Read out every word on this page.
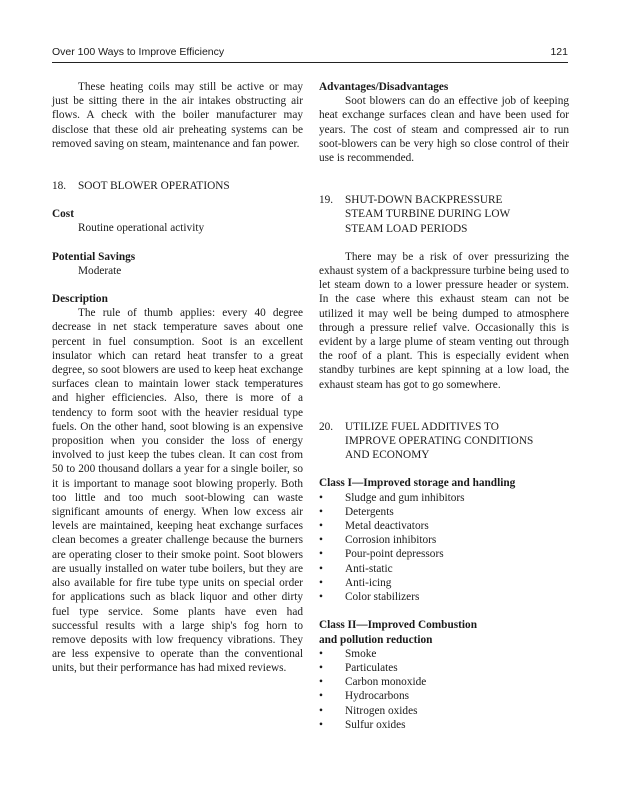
Over 100 Ways to Improve Efficiency	121

These heating coils may still be active or may just be sitting there in the air intakes obstructing air flows. A check with the boiler manufacturer may disclose that these old air preheating systems can be removed saving on steam, maintenance and fan power.

18.	SOOT BLOWER OPERATIONS

Cost

Routine operational activity

Potential Savings

Moderate

Description

The rule of thumb applies: every 40 degree decrease in net stack temperature saves about one percent in fuel consumption. Soot is an excellent insulator which can retard heat transfer to a great degree, so soot blowers are used to keep heat exchange surfaces clean to maintain lower stack temperatures and higher efficiencies. Also, there is more of a tendency to form soot with the heavier residual type fuels. On the other hand, soot blowing is an expensive proposition when you consider the loss of energy involved to just keep the tubes clean. It can cost from 50 to 200 thousand dollars a year for a single boiler, so it is important to manage soot blowing properly. Both too little and too much soot-blowing can waste significant amounts of energy. When low excess air levels are maintained, keeping heat exchange surfaces clean becomes a greater challenge because the burners are operating closer to their smoke point. Soot blowers are usually installed on water tube boilers, but they are also available for fire tube type units on special order for applications such as black liquor and other dirty fuel type service. Some plants have even had successful results with a large ship's fog horn to remove deposits with low frequency vibrations. They are less expensive to operate than the conventional units, but their performance has had mixed reviews.

Advantages/Disadvantages

Soot blowers can do an effective job of keeping heat exchange surfaces clean and have been used for years. The cost of steam and compressed air to run soot-blowers can be very high so close control of their use is recommended.

19.	SHUT-DOWN BACKPRESSURE
STEAM TURBINE DURING LOW
STEAM LOAD PERIODS

There may be a risk of over pressurizing the exhaust system of a backpressure turbine being used to let steam down to a lower pressure header or system. In the case where this exhaust steam can not be utilized it may well be being dumped to atmosphere through a pressure relief valve. Occasionally this is evident by a large plume of steam venting out through the roof of a plant. This is especially evident when standby turbines are kept spinning at a low load, the exhaust steam has got to go somewhere.

20.	UTILIZE FUEL ADDITIVES TO
IMPROVE OPERATING CONDITIONS
AND ECONOMY

Class I—Improved storage and handling

•	Sludge and gum inhibitors
•	Detergents
•	Metal deactivators
•	Corrosion inhibitors
•	Pour-point depressors
•	Anti-static
•	Anti-icing
•	Color stabilizers

Class II—Improved Combustion
and pollution reduction

•	Smoke
•	Particulates
•	Carbon monoxide
•	Hydrocarbons
•	Nitrogen oxides
•	Sulfur oxides
